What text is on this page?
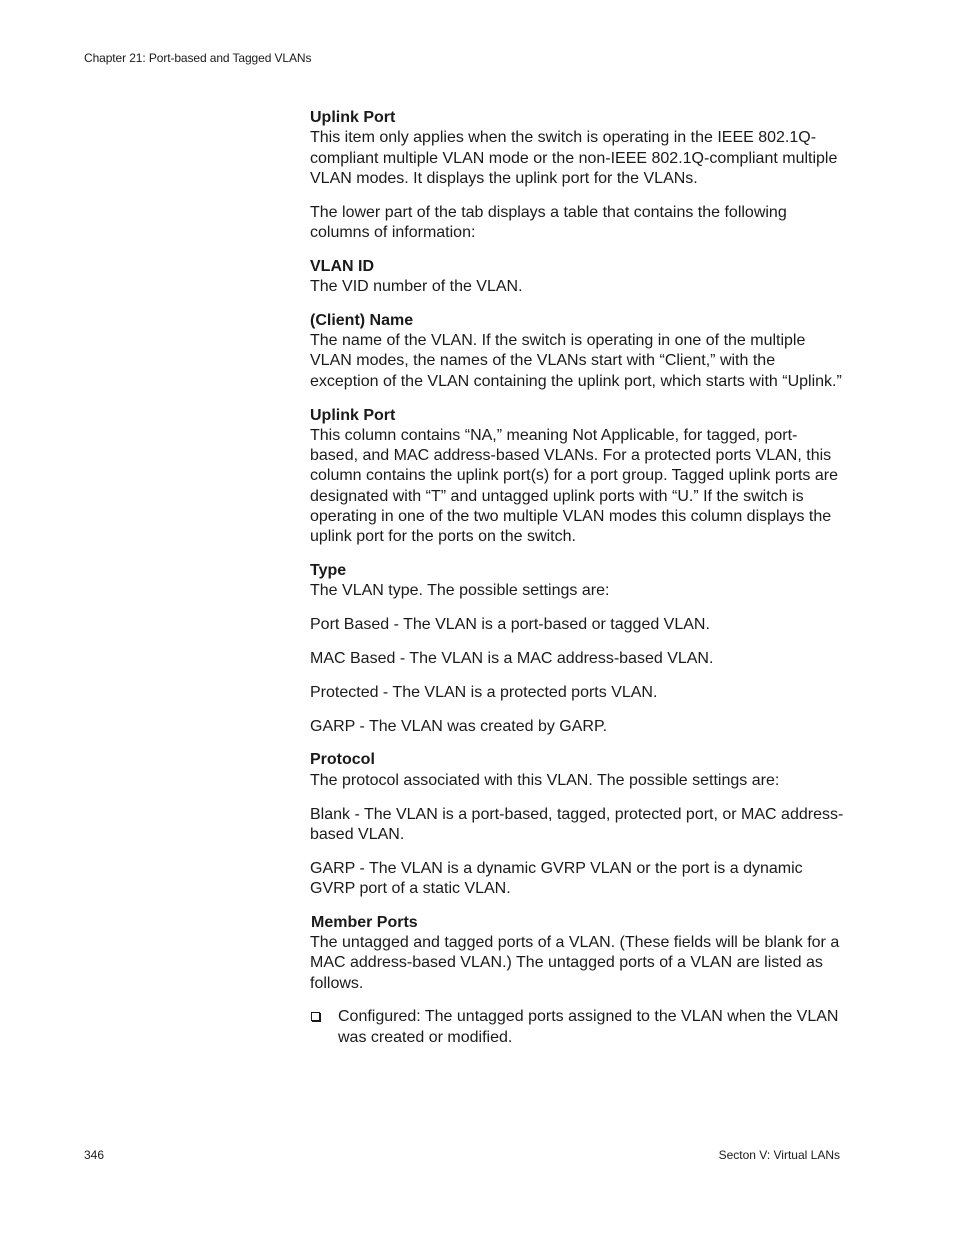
Chapter 21: Port-based and Tagged VLANs

Uplink Port

This item only applies when the switch is operating in the IEEE 802.1Q-compliant multiple VLAN mode or the non-IEEE 802.1Q-compliant multiple VLAN modes. It displays the uplink port for the VLANs.

The lower part of the tab displays a table that contains the following columns of information:

VLAN ID

The VID number of the VLAN.

(Client) Name

The name of the VLAN. If the switch is operating in one of the multiple VLAN modes, the names of the VLANs start with “Client,” with the exception of the VLAN containing the uplink port, which starts with “Uplink.”

Uplink Port

This column contains “NA,” meaning Not Applicable, for tagged, port-based, and MAC address-based VLANs. For a protected ports VLAN, this column contains the uplink port(s) for a port group. Tagged uplink ports are designated with “T” and untagged uplink ports with “U.” If the switch is operating in one of the two multiple VLAN modes this column displays the uplink port for the ports on the switch.

Type

The VLAN type. The possible settings are:

Port Based - The VLAN is a port-based or tagged VLAN.

MAC Based - The VLAN is a MAC address-based VLAN.

Protected - The VLAN is a protected ports VLAN.

GARP - The VLAN was created by GARP.

Protocol

The protocol associated with this VLAN. The possible settings are:

Blank - The VLAN is a port-based, tagged, protected port, or MAC address-based VLAN.

GARP - The VLAN is a dynamic GVRP VLAN or the port is a dynamic GVRP port of a static VLAN.

Member Ports

The untagged and tagged ports of a VLAN. (These fields will be blank for a MAC address-based VLAN.) The untagged ports of a VLAN are listed as follows.

Configured: The untagged ports assigned to the VLAN when the VLAN was created or modified.
346	Secton V: Virtual LANs
